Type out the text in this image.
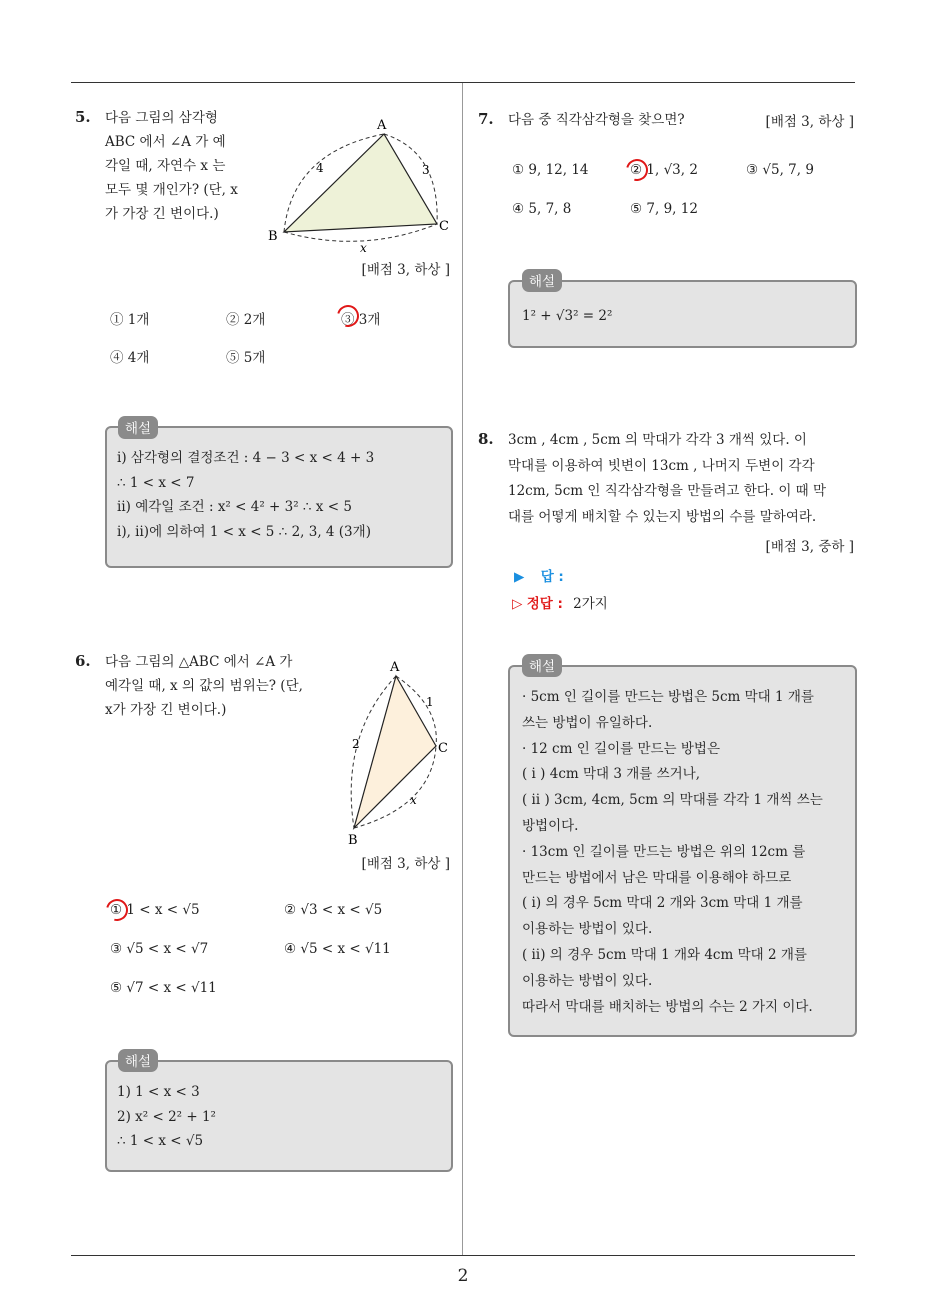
2
5. 다음 그림의 삼각형
ABC 에서 ∠A 가 예
각일 때, 자연수 x 는
모두 몇 개인가? (단, x
가 가장 긴 변이다.)
A
B
C
4	3
x
[배점 3, 하상 ]
① 1개	② 2개	③ 3개
④ 4개	⑤ 5개
ⅰ) 삼각형의 결정조건 : 4 − 3 < x < 4 + 3
∴ 1 < x < 7
ⅱ) 예각일 조건 : x² < 4² + 3² ∴ x < 5
ⅰ), ⅱ)에 의하여 1 < x < 5 ∴ 2, 3, 4 (3개)
해설
6. 다음 그림의 △ABC 에서 ∠A 가
예각일 때, x 의 값의 범위는? (단,
x가 가장 긴 변이다.)
A
B
C
2
1
x
[배점 3, 하상 ]
① 1 < x < √5	② √3 < x < √5
③ √5 < x < √7	④ √5 < x < √11
⑤ √7 < x < √11
1) 1 < x < 3
2) x² < 2² + 1²
∴ 1 < x < √5
해설
7. 다음 중 직각삼각형을 찾으면?	[배점 3, 하상 ]
① 9, 12, 14	② 1, √3, 2	③ √5, 7, 9
④ 5, 7, 8	⑤ 7, 9, 12
1² + √3² = 2²
해설
8. 3cm , 4cm , 5cm 의 막대가 각각 3 개씩 있다. 이
막대를 이용하여 빗변이 13cm , 나머지 두변이 각각
12cm, 5cm 인 직각삼각형을 만들려고 한다. 이 때 막
대를 어떻게 배치할 수 있는지 방법의 수를 말하여라.
[배점 3, 중하 ]
▶ 답 :
▷ 정답 : 2가지
· 5cm 인 길이를 만드는 방법은 5cm 막대 1 개를
쓰는 방법이 유일하다.
· 12 cm 인 길이를 만드는 방법은
( ⅰ ) 4cm 막대 3 개를 쓰거나,
( ⅱ ) 3cm, 4cm, 5cm 의 막대를 각각 1 개씩 쓰는
방법이다.
· 13cm 인 길이를 만드는 방법은 위의 12cm 를
만드는 방법에서 남은 막대를 이용해야 하므로
( ⅰ) 의 경우 5cm 막대 2 개와 3cm 막대 1 개를
이용하는 방법이 있다.
( ⅱ) 의 경우 5cm 막대 1 개와 4cm 막대 2 개를
이용하는 방법이 있다.
따라서 막대를 배치하는 방법의 수는 2 가지 이다.
해설
